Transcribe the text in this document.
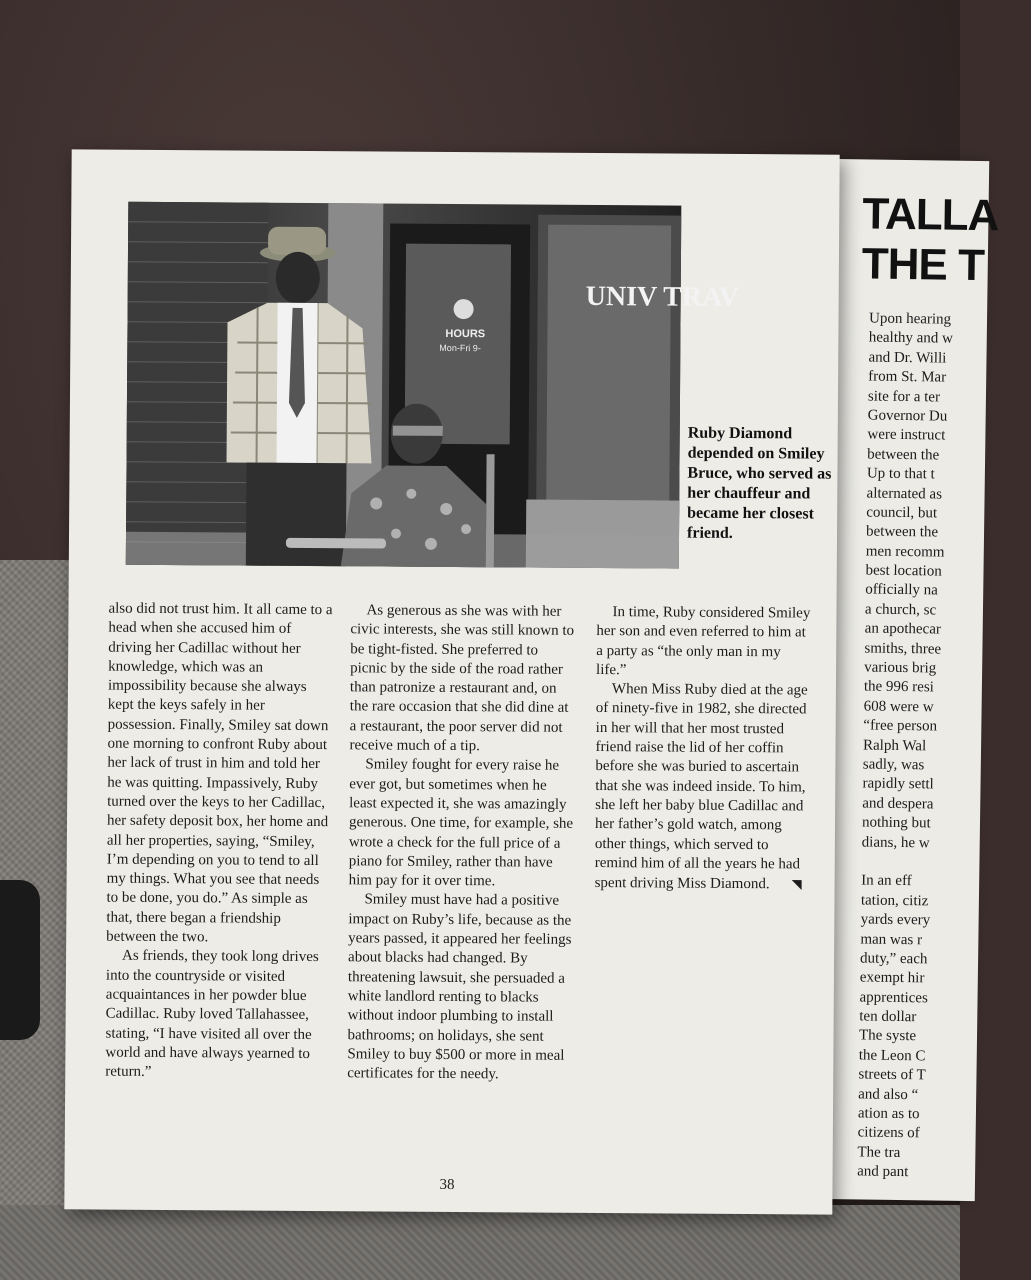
TALLA
THE T
Upon hearing
healthy and w
and Dr. Willi
from St. Mar
site for a ter
Governor Du
were instruct
between the
Up to that t
alternated as
council, but
between the
men recomm
best location
officially na
a church, sc
an apothecar
smiths, three
various brig
the 996 resi
608 were w
“free person
Ralph Wal
sadly, was
rapidly settl
and despera
nothing but
dians, he w
In an eff
tation, citiz
yards every
man was r
duty,” each
exempt hir
apprentices
ten dollar
The syste
the Leon C
streets of T
and also “
ation as to
citizens of
The tra
and pant
HOURS
Mon-Fri 9-
UNIV TRAV

Ruby Diamond depended on Smiley Bruce, who served as her chauffeur and became her closest friend.

also did not trust him. It all came to a head when she accused him of driving her Cadillac without her knowledge, which was an impossibility because she always kept the keys safely in her possession. Finally, Smiley sat down one morning to confront Ruby about her lack of trust in him and told her he was quitting. Impassively, Ruby turned over the keys to her Cadillac, her safety deposit box, her home and all her properties, saying, “Smiley, I’m depending on you to tend to all my things. What you see that needs to be done, you do.” As simple as that, there began a friendship between the two.

As friends, they took long drives into the countryside or visited acquaintances in her powder blue Cadillac. Ruby loved Tallahassee, stating, “I have visited all over the world and have always yearned to return.”

As generous as she was with her civic interests, she was still known to be tight-fisted. She preferred to picnic by the side of the road rather than patronize a restaurant and, on the rare occasion that she did dine at a restaurant, the poor server did not receive much of a tip.

Smiley fought for every raise he ever got, but sometimes when he least expected it, she was amazingly generous. One time, for example, she wrote a check for the full price of a piano for Smiley, rather than have him pay for it over time.

Smiley must have had a positive impact on Ruby’s life, because as the years passed, it appeared her feelings about blacks had changed. By threatening lawsuit, she persuaded a white landlord renting to blacks without indoor plumbing to install bathrooms; on holidays, she sent Smiley to buy $500 or more in meal certificates for the needy.

In time, Ruby considered Smiley her son and even referred to him at a party as “the only man in my life.”

When Miss Ruby died at the age of ninety-five in 1982, she directed in her will that her most trusted friend raise the lid of her coffin before she was buried to ascertain that she was indeed inside. To him, she left her baby blue Cadillac and her father’s gold watch, among other things, which served to remind him of all the years he had spent driving Miss Diamond. ◥

38
